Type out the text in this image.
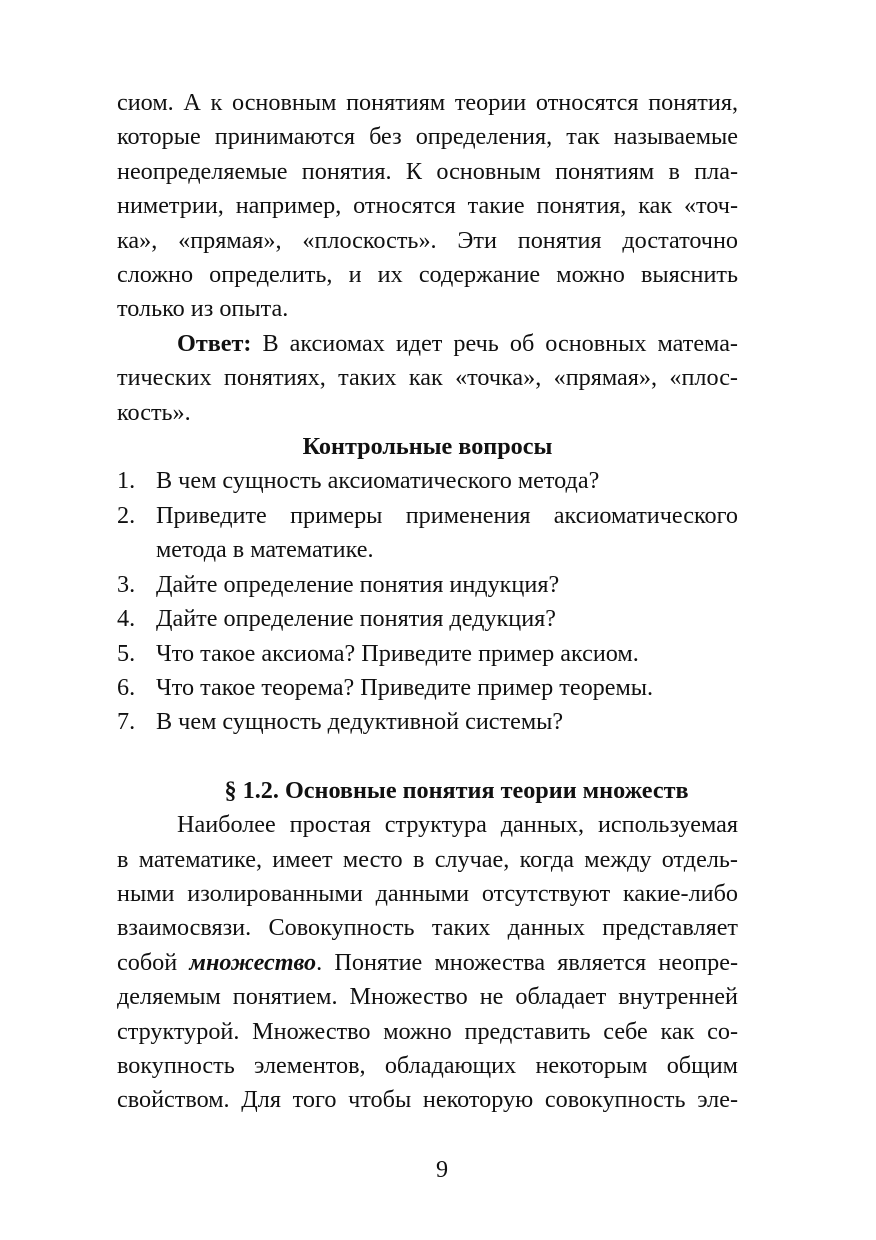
сиом. А к основным понятиям теории относятся понятия,
которые принимаются без определения, так называемые
неопределяемые понятия. К основным понятиям в пла-
ниметрии, например, относятся такие понятия, как «точ-
ка», «прямая», «плоскость». Эти понятия достаточно
сложно определить, и их содержание можно выяснить
только из опыта.

Ответ: В аксиомах идет речь об основных матема-
тических понятиях, таких как «точка», «прямая», «плос-
кость».

Контрольные вопросы
1. В чем сущность аксиоматического метода?
2. Приведите примеры применения аксиоматического
метода в математике.
3. Дайте определение понятия индукция?
4. Дайте определение понятия дедукция?
5. Что такое аксиома? Приведите пример аксиом.
6. Что такое теорема? Приведите пример теоремы.
7. В чем сущность дедуктивной системы?
§ 1.2. Основные понятия теории множеств

Наиболее простая структура данных, используемая
в математике, имеет место в случае, когда между отдель-
ными изолированными данными отсутствуют какие-либо
взаимосвязи. Совокупность таких данных представляет
собой множество. Понятие множества является неопре-
деляемым понятием. Множество не обладает внутренней
структурой. Множество можно представить себе как со-
вокупность элементов, обладающих некоторым общим
свойством. Для того чтобы некоторую совокупность эле-

9
